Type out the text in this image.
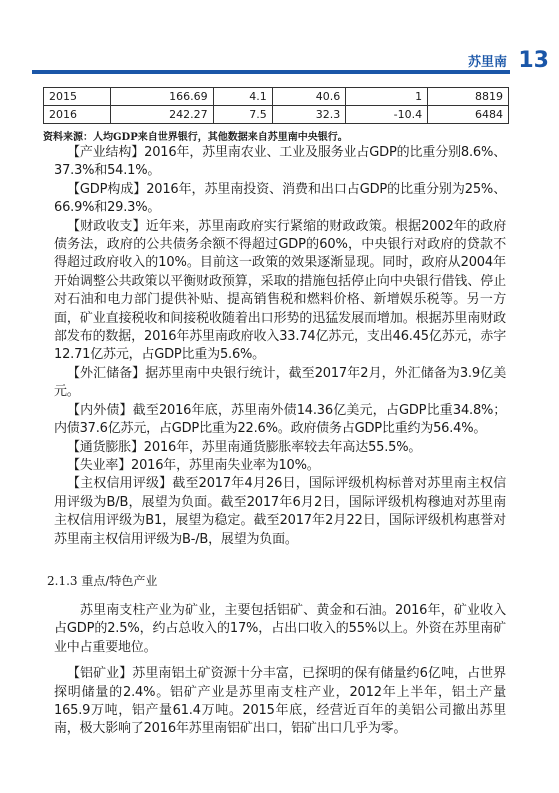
苏里南 13
2015	166.69	4.1	40.6	1	8819
2016	242.27	7.5	32.3	-10.4	6484
资料来源：人均GDP来自世界银行，其他数据来自苏里南中央银行。

【产业结构】2016年，苏里南农业、工业及服务业占GDP的比重分别8.6%、37.3%和54.1%。

【GDP构成】2016年，苏里南投资、消费和出口占GDP的比重分别为25%、66.9%和29.3%。

【财政收支】近年来，苏里南政府实行紧缩的财政政策。根据2002年的政府债务法，政府的公共债务余额不得超过GDP的60%，中央银行对政府的贷款不得超过政府收入的10%。目前这一政策的效果逐渐显现。同时，政府从2004年开始调整公共政策以平衡财政预算，采取的措施包括停止向中央银行借钱、停止对石油和电力部门提供补贴、提高销售税和燃料价格、新增娱乐税等。另一方面，矿业直接税收和间接税收随着出口形势的迅猛发展而增加。根据苏里南财政部发布的数据，2016年苏里南政府收入33.74亿苏元，支出46.45亿苏元，赤字12.71亿苏元，占GDP比重为5.6%。

【外汇储备】据苏里南中央银行统计，截至2017年2月，外汇储备为3.9亿美元。

【内外债】截至2016年底，苏里南外债14.36亿美元，占GDP比重34.8%；内债37.6亿苏元，占GDP比重为22.6%。政府债务占GDP比重约为56.4%。

【通货膨胀】2016年，苏里南通货膨胀率较去年高达55.5%。

【失业率】2016年，苏里南失业率为10%。

【主权信用评级】截至2017年4月26日，国际评级机构标普对苏里南主权信用评级为B/B，展望为负面。截至2017年6月2日，国际评级机构穆迪对苏里南主权信用评级为B1，展望为稳定。截至2017年2月22日，国际评级机构惠誉对苏里南主权信用评级为B-/B，展望为负面。

2.1.3 重点/特色产业

苏里南支柱产业为矿业，主要包括铝矿、黄金和石油。2016年，矿业收入占GDP的2.5%，约占总收入的17%，占出口收入的55%以上。外资在苏里南矿业中占重要地位。

【铝矿业】苏里南铝土矿资源十分丰富，已探明的保有储量约6亿吨，占世界探明储量的2.4%。铝矿产业是苏里南支柱产业，2012年上半年，铝土产量165.9万吨，铝产量61.4万吨。2015年底，经营近百年的美铝公司撤出苏里南，极大影响了2016年苏里南铝矿出口，铝矿出口几乎为零。
